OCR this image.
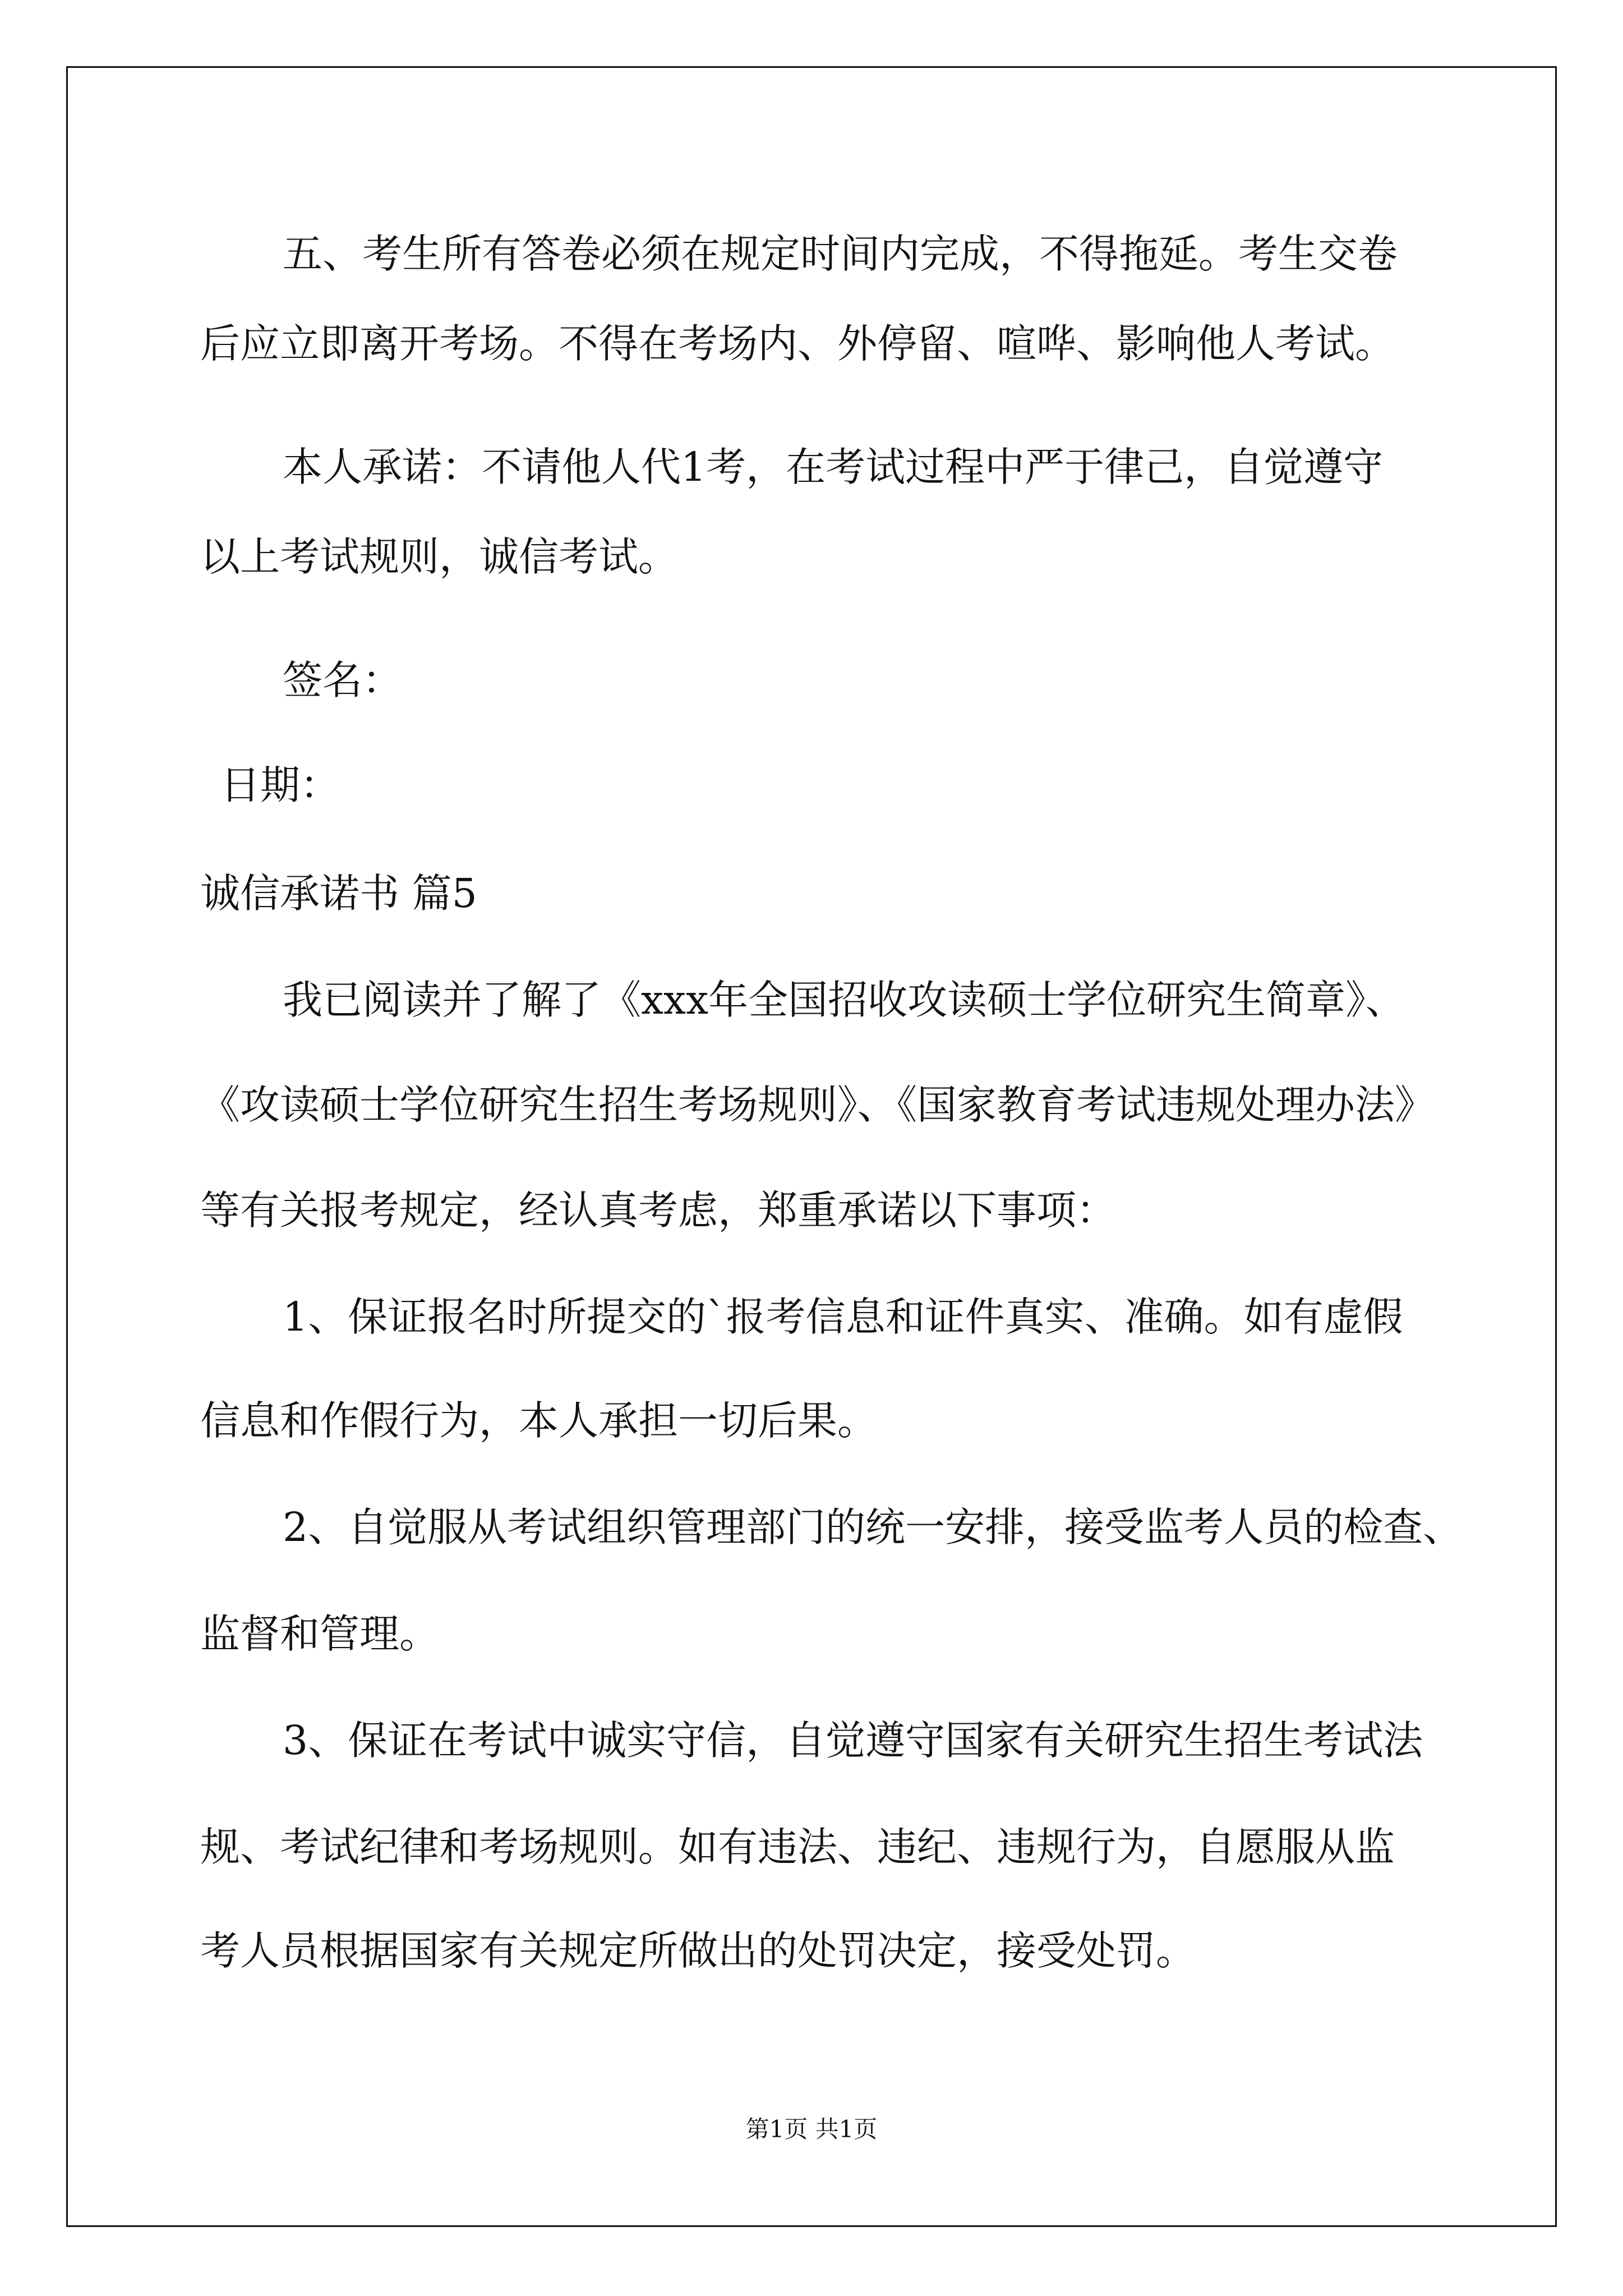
五、考生所有答卷必须在规定时间内完成，不得拖延。考生交卷

后应立即离开考场。不得在考场内、外停留、喧哗、影响他人考试。

本人承诺：不请他人代1考，在考试过程中严于律己，自觉遵守

以上考试规则，诚信考试。

签名：

日期：

诚信承诺书 篇5

我已阅读并了解了《xxx年全国招收攻读硕士学位研究生简章》、

《攻读硕士学位研究生招生考场规则》、《国家教育考试违规处理办法》

等有关报考规定，经认真考虑，郑重承诺以下事项：

1、保证报名时所提交的`报考信息和证件真实、准确。如有虚假

信息和作假行为，本人承担一切后果。

2、自觉服从考试组织管理部门的统一安排，接受监考人员的检查、

监督和管理。

3、保证在考试中诚实守信，自觉遵守国家有关研究生招生考试法

规、考试纪律和考场规则。如有违法、违纪、违规行为，自愿服从监

考人员根据国家有关规定所做出的处罚决定，接受处罚。

第1页 共1页
